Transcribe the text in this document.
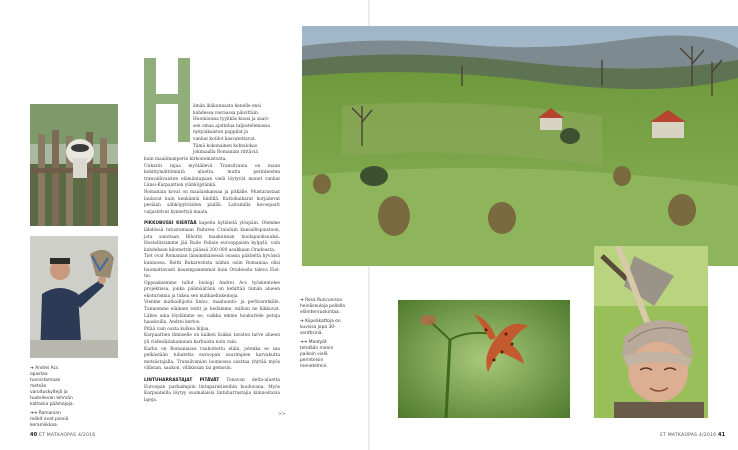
➔ Andrei Acs opastaa tunnistamaan metsän varoituskyltejä ja tuuteilevan lehmän kaltaisia päämajoja.

➔➔ Romanian mökit ovat pieniä keramiikkaa.

ämän ikäkunnasta kenelle ensi

kahdessa vieraassa päivittäin.

Huomioissa tyylikäs kuusi ja saari-

sen omaa ajattelua taljastelemassa

nykyaikaisten pappilat ja

vanhat kotilot kasvatettavat.

Tämä kokonainen kohtalokas

jokimaalla Romanian riittäviä

kuin maailmanperin kirkonomistusta.

Unkarin rajaa myötäilevä Transilvania on maan kehittymättömintä aluetta, mutta perinteisten tranvaliivaisten elämäntapaan vielä löytyvät monet vanhat Länsi-Karpaattien ylänköjylänkä.

Romanian kovat on maalaiskansaa ja pitkälle. Mustarastaat laulavat kuin kenkämiä hiidillä. Kattohaikarat korjailevat pesiään sähköpylväiden päällä. Laitumilla hevosparit vaijastelvat kynnettyä maata.

PIKKUBUSSI KIERTÄÄ kapeita kyläteitä ylöspäin. Olemme lähdössä tutustumaan Padurea Craiuluin kansallispuistoon, jota sanotaan Bihorin maakunnan huolapuolisuuksi. Hostellistamme jää Ruile Felixin eurooppaisin kylpylä, vain kahdeksan kilometrin päässä 200 000 asukkaan Oradeasta.

Tiet ovat Romanian länsimmäisessä osassa päätieltä hyvässä kunnossa. Reitti Bukarestista näihin osiin Romaniaa olisi huomattavasti kauempanemmat kuin Oradeasta taleva Eiol-tie.

Oppaaksemme tullut biologi Andrei Acs työskentelee projektissa, jonka päämääränä on kehittää tämän alueen ekoturismia ja tukea sen matkaelinkeinoja.

Vienme matkaillijoita linnu-, maaluonto- ja perhosretkille. Tunnemme eläimen reitit ja tiedämme, milloin ne liikkuvat. Lähes aina löydämme ne, vaikka emme houkuttele petoja haaskoilla, Andrei kertoo.

Pitää vain osata kulkea hiljaa.

Karpaattien ihmiselle on kaiken lisäksi tavaton tarve alueen yli viidesläitakannnan karhuista noin vain.

Karhu on Romaniassa rauhoitettu eläin, jotenka se saa pelkästään tuhatetta euroopan suurimpien karvakutta metsästajalla. Transilvanian luonnossa saattaa yhytää myös villisian, saukon, villikissan tai gemssin.

LINTUHARRASTAJAT PITÄVÄT Tonavan delta-aluetta Euroopan parhaimpiin lintuparatiiseihin kuuluvana. Myös Karpaateilla löytyy suomalaisia lintuharrastajia kiinnostavia lajeja.

>>

➔ Rosa Runcunissa heinäseuloja pellolla eläintenruokintaa.

➔ Kiipeäkattoja on kuvissa jopa 30-senttisinä.

➔➔ Maatyöt tehdään monin paikoin vielä perinteisin menetelmin.

40 ET MATKAOPAS 4/2016	ET MATKAOPAS 4/2016 41
